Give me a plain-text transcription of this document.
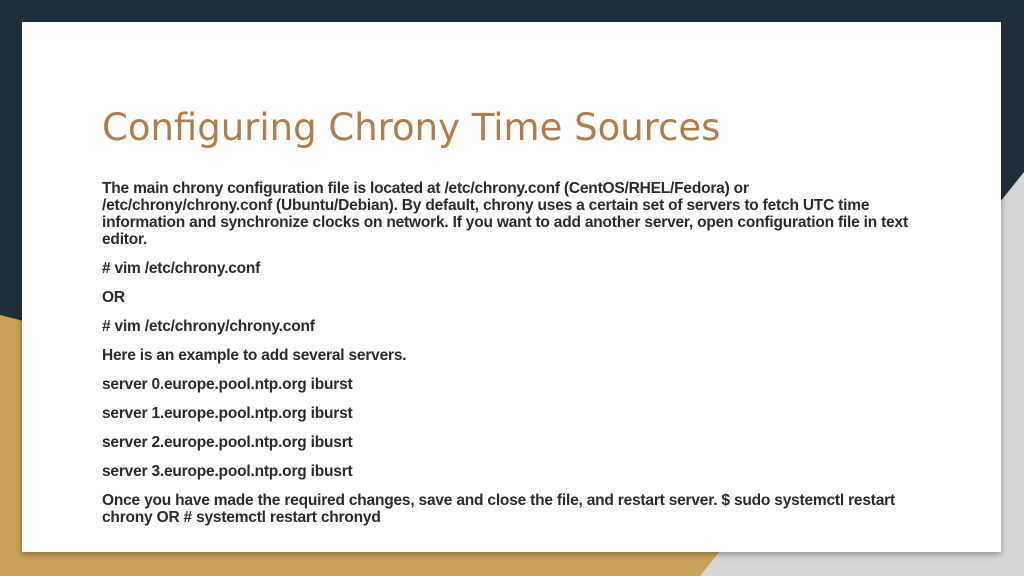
Configuring Chrony Time Sources

The main chrony configuration file is located at /etc/chrony.conf (CentOS/RHEL/Fedora) or /etc/chrony/chrony.conf (Ubuntu/Debian). By default, chrony uses a certain set of servers to fetch UTC time information and synchronize clocks on network. If you want to add another server, open configuration file in text editor.

# vim /etc/chrony.conf

OR

# vim /etc/chrony/chrony.conf

Here is an example to add several servers.

server 0.europe.pool.ntp.org iburst

server 1.europe.pool.ntp.org iburst

server 2.europe.pool.ntp.org ibusrt

server 3.europe.pool.ntp.org ibusrt

Once you have made the required changes, save and close the file, and restart server. $ sudo systemctl restart chrony OR # systemctl restart chronyd
